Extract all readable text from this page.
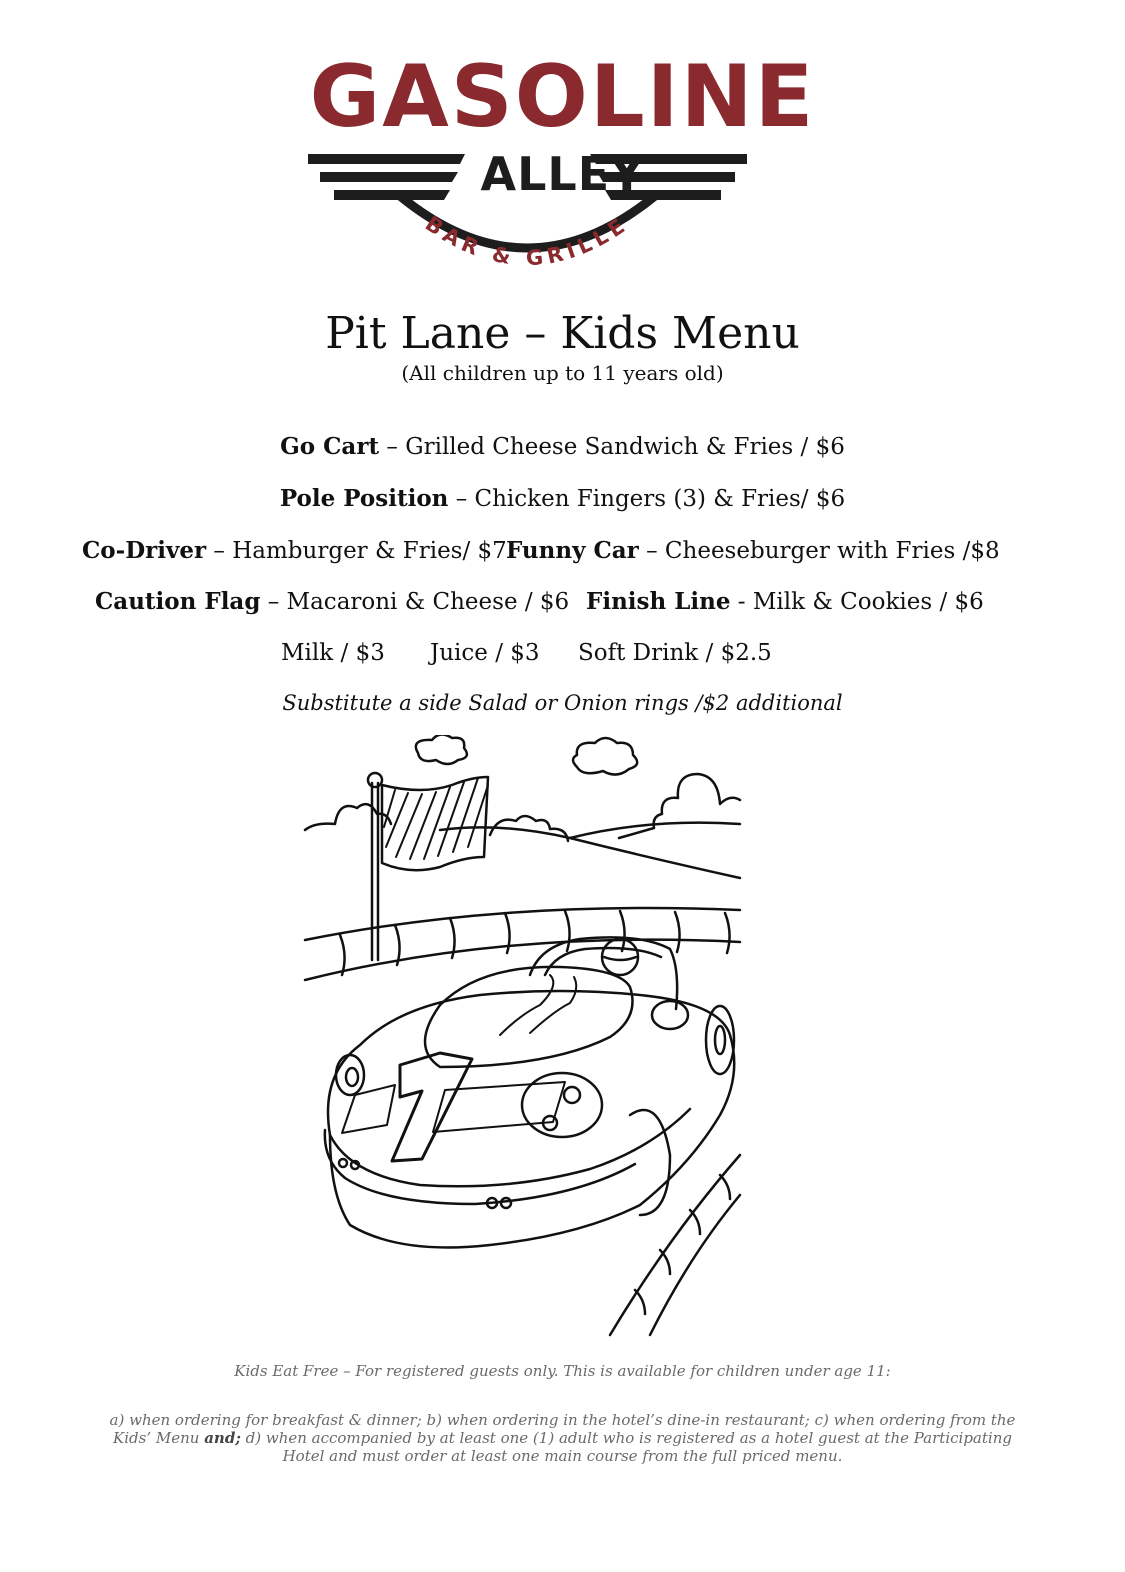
GASOLINE
BAR & GRILLE
ALLEY
Pit Lane – Kids Menu
(All children up to 11 years old)
Go Cart – Grilled Cheese Sandwich & Fries / $6
Pole Position – Chicken Fingers (3) & Fries/ $6
Co-Driver – Hamburger & Fries/ $7 Funny Car – Cheeseburger with Fries /$8
Caution Flag – Macaroni & Cheese / $6 Finish Line - Milk & Cookies / $6
Milk / $3 Juice / $3 Soft Drink / $2.5
Substitute a side Salad or Onion rings /$2 additional
Kids Eat Free – For registered guests only. This is available for children under age 11:
a) when ordering for breakfast & dinner; b) when ordering in the hotel’s dine-in restaurant; c) when ordering from the Kids’ Menu and; d) when accompanied by at least one (1) adult who is registered as a hotel guest at the Participating Hotel and must order at least one main course from the full priced menu.
